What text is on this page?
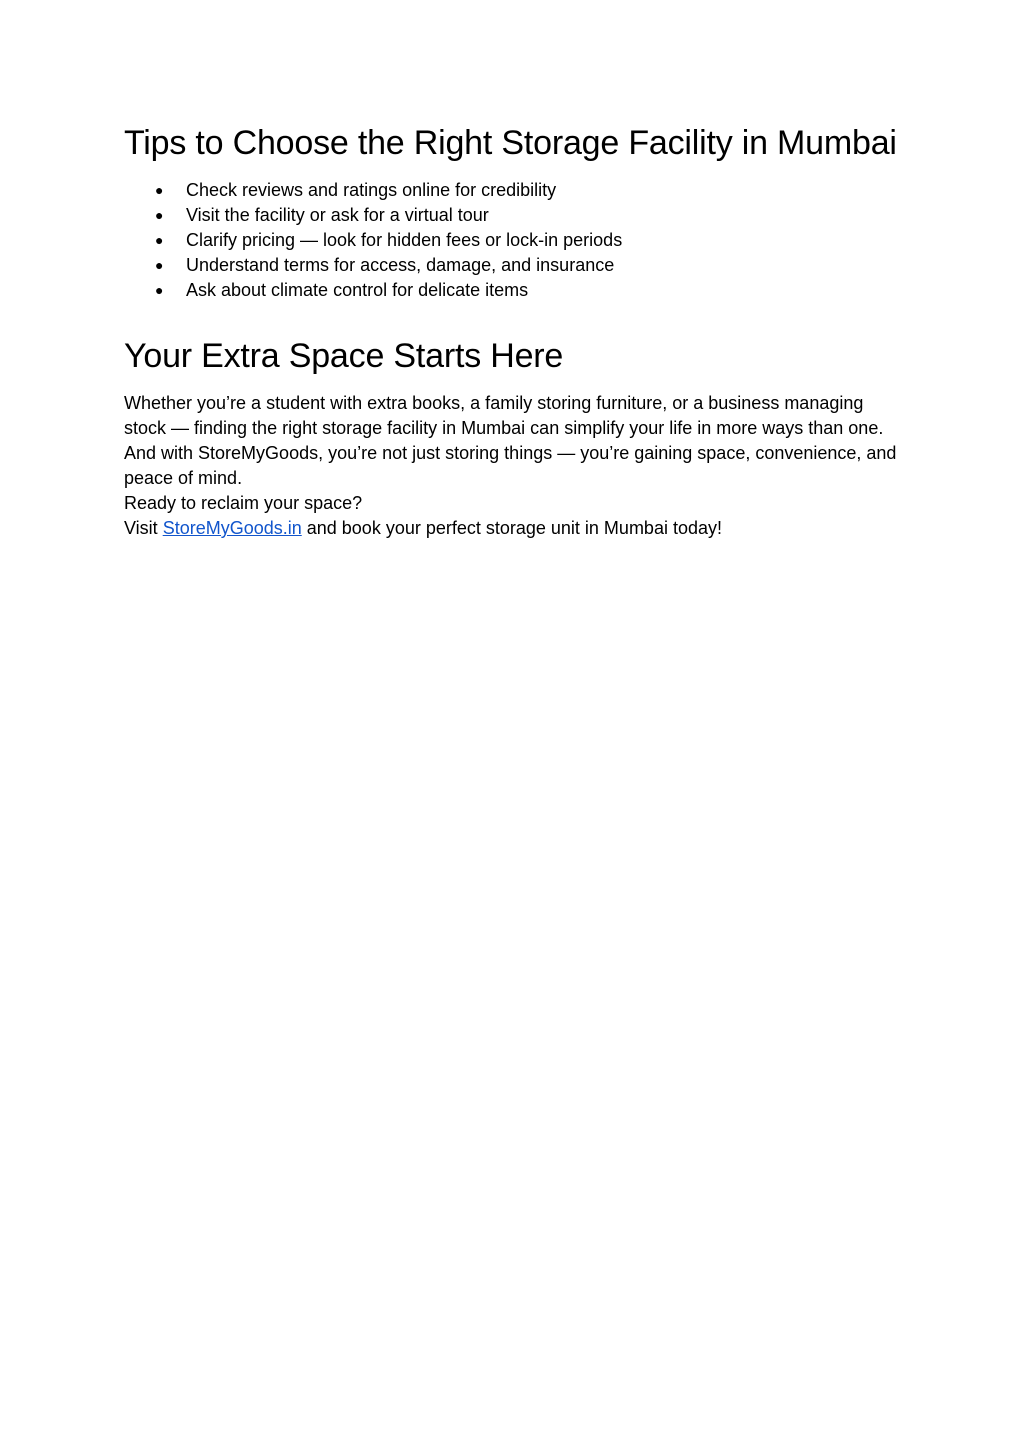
Tips to Choose the Right Storage Facility in Mumbai
● Check reviews and ratings online for credibility
● Visit the facility or ask for a virtual tour
● Clarify pricing — look for hidden fees or lock-in periods
● Understand terms for access, damage, and insurance
● Ask about climate control for delicate items
Your Extra Space Starts Here

Whether you’re a student with extra books, a family storing furniture, or a business managing stock — finding the right storage facility in Mumbai can simplify your life in more ways than one. And with StoreMyGoods, you’re not just storing things — you’re gaining space, convenience, and peace of mind.

Ready to reclaim your space?

Visit StoreMyGoods.in and book your perfect storage unit in Mumbai today!
